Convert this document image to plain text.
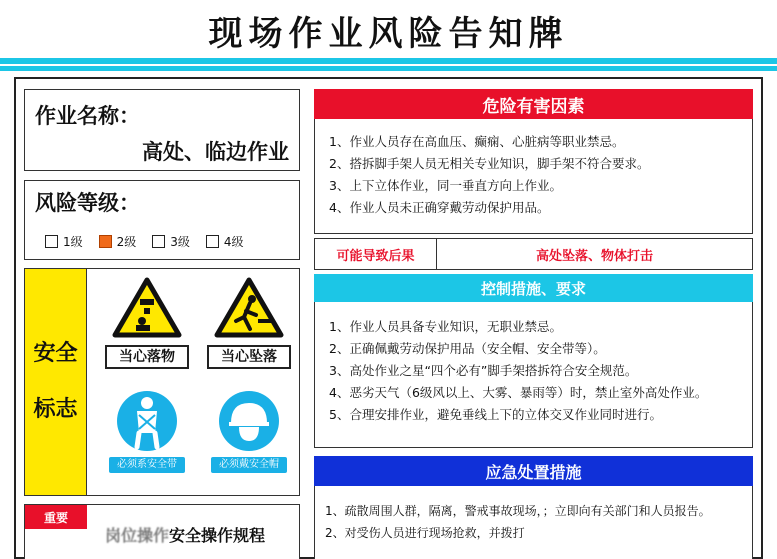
现场作业风险告知牌
作业名称：
高处、临边作业
风险等级：
1级	2级	3级	4级
安全
标志
当心落物	当心坠落
必须系安全带	必须戴安全帽
重要
岗位操作安全操作规程
危险有害因素
1、作业人员存在高血压、癫痫、心脏病等职业禁忌。
2、搭拆脚手架人员无相关专业知识，脚手架不符合要求。
3、上下立体作业，同一垂直方向上作业。
4、作业人员未正确穿戴劳动保护用品。
可能导致后果	高处坠落、物体打击
控制措施、要求
1、作业人员具备专业知识，无职业禁忌。
2、正确佩戴劳动保护用品（安全帽、安全带等）。
3、高处作业之星“四个必有”脚手架搭拆符合安全规范。
4、恶劣天气（6级风以上、大雾、暴雨等）时，禁止室外高处作业。
5、合理安排作业，避免垂线上下的立体交叉作业同时进行。
应急处置措施
1、疏散周围人群，隔离，警戒事故现场，；立即向有关部门和人员报告。
2、对受伤人员进行现场抢救，并拨打
